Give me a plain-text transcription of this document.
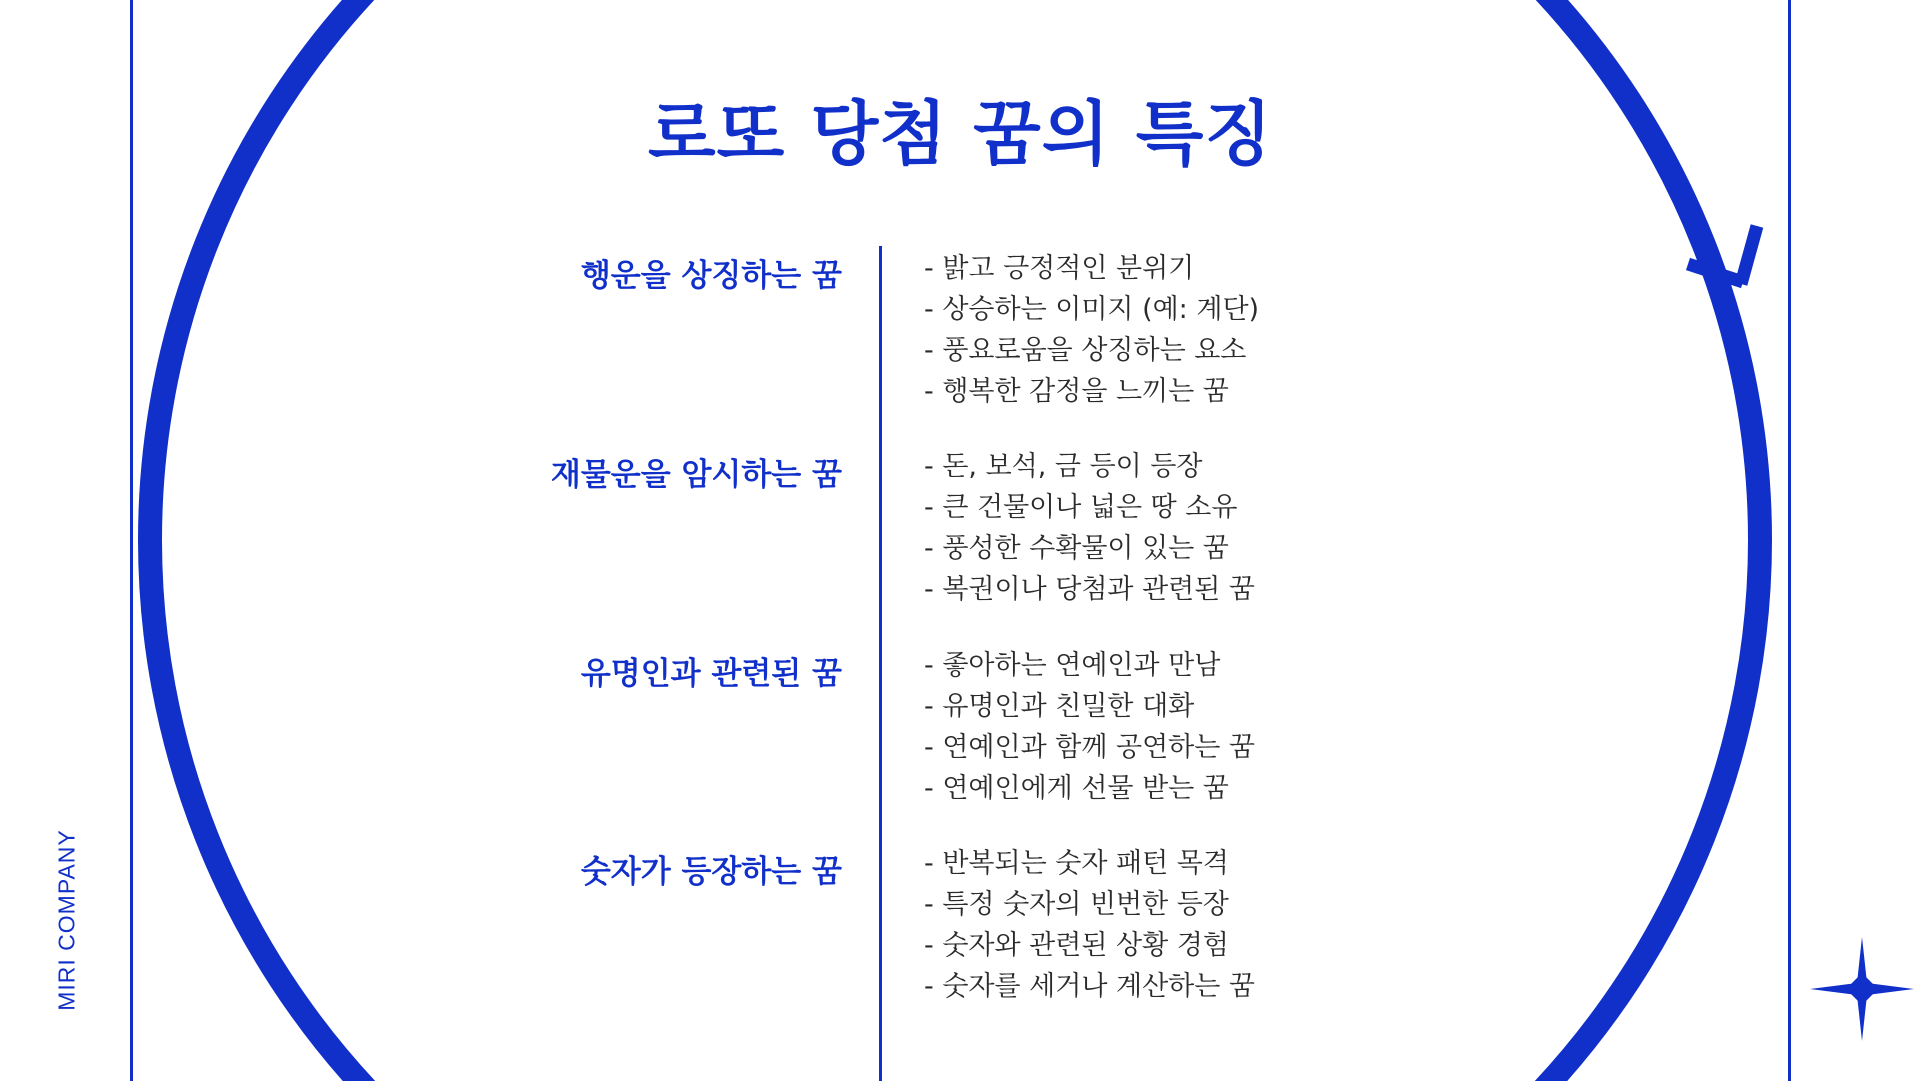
MIRI COMPANY
로또 당첨 꿈의 특징
행운을 상징하는 꿈	- 밝고 긍정적인 분위기
- 상승하는 이미지 (예: 계단)
- 풍요로움을 상징하는 요소
- 행복한 감정을 느끼는 꿈
재물운을 암시하는 꿈	- 돈, 보석, 금 등이 등장
- 큰 건물이나 넓은 땅 소유
- 풍성한 수확물이 있는 꿈
- 복권이나 당첨과 관련된 꿈
유명인과 관련된 꿈	- 좋아하는 연예인과 만남
- 유명인과 친밀한 대화
- 연예인과 함께 공연하는 꿈
- 연예인에게 선물 받는 꿈
숫자가 등장하는 꿈	- 반복되는 숫자 패턴 목격
- 특정 숫자의 빈번한 등장
- 숫자와 관련된 상황 경험
- 숫자를 세거나 계산하는 꿈
